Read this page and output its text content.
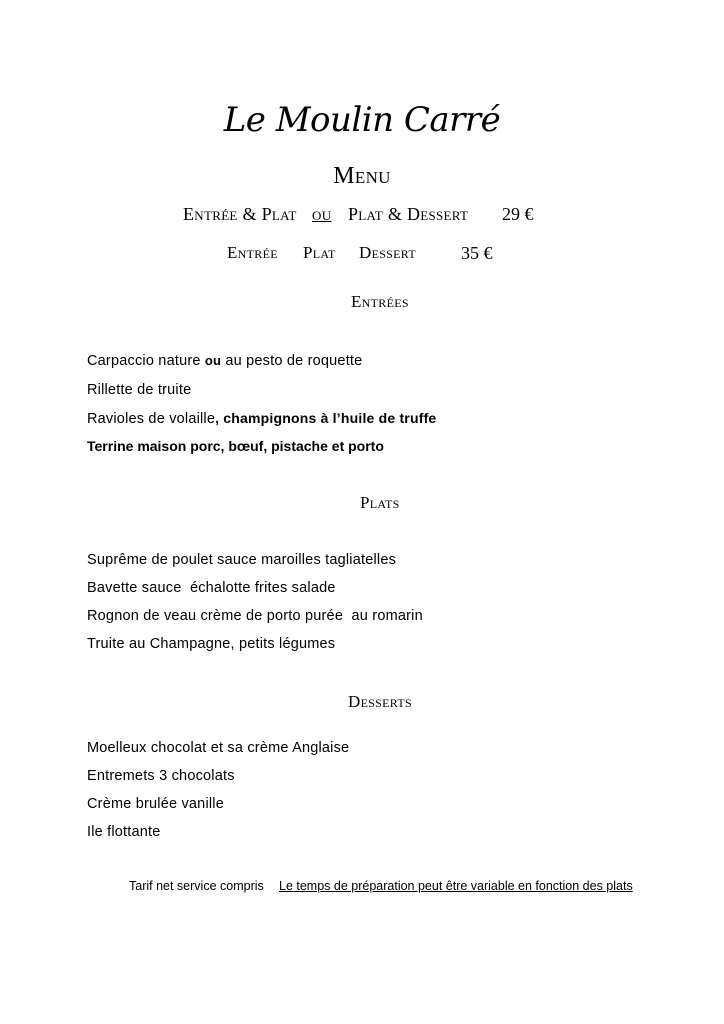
Le Moulin Carré
Menu
Entrée & Plat ou Plat & Dessert 29 €
Entrée Plat Dessert	35 €
Entrées
Carpaccio nature ou au pesto de roquette
Rillette de truite
Ravioles de volaille, champignons à l’huile de truffe
Terrine maison porc, bœuf, pistache et porto
Plats
Suprême de poulet sauce maroilles tagliatelles
Bavette sauce  échalotte frites salade
Rognon de veau crème de porto purée  au romarin
Truite au Champagne, petits légumes
Desserts
Moelleux chocolat et sa crème Anglaise
Entremets 3 chocolats
Crème brulée vanille
Ile flottante
Tarif net service compris Le temps de préparation peut être variable en fonction des plats
